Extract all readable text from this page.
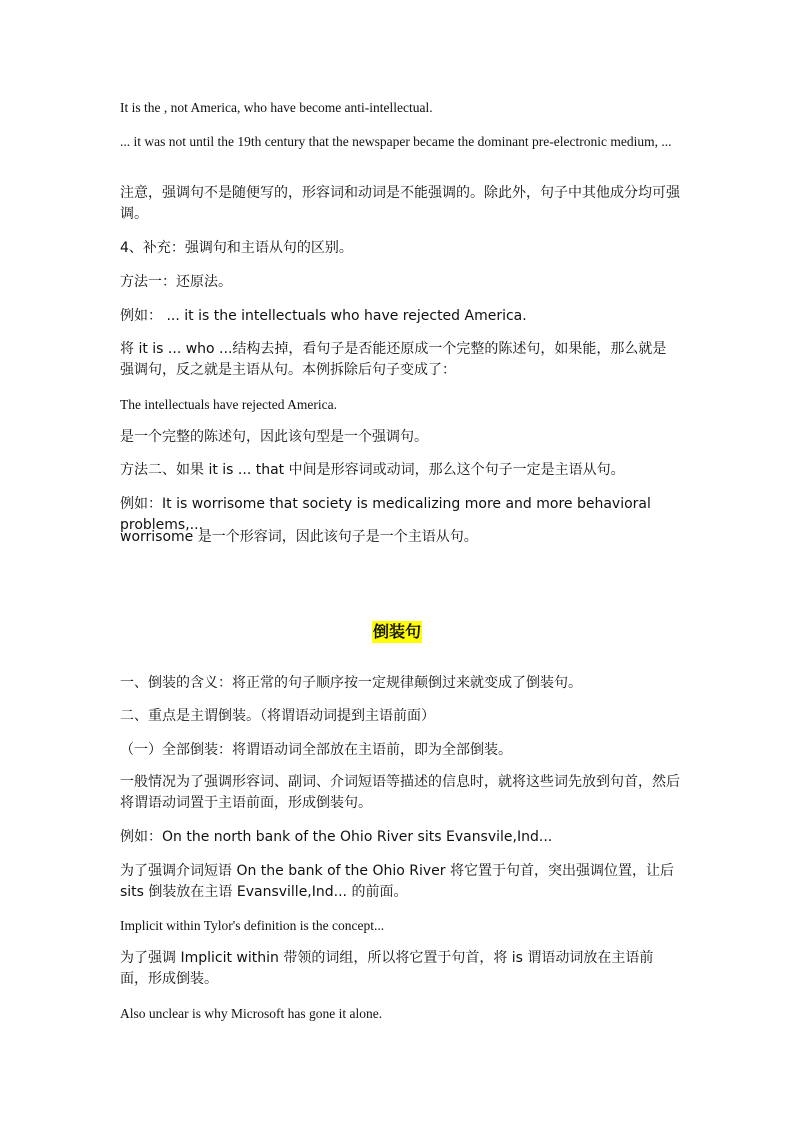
It is the , not America, who have become anti-intellectual.
... it was not until the 19th century that the newspaper became the dominant pre-electronic medium, ...
注意，强调句不是随便写的，形容词和动词是不能强调的。除此外，句子中其他成分均可强调。
4、补充：强调句和主语从句的区别。
方法一：还原法。
例如： ... it is the intellectuals who have rejected America.
将 it is ... who ...结构去掉，看句子是否能还原成一个完整的陈述句，如果能，那么就是强调句，反之就是主语从句。本例拆除后句子变成了：
The intellectuals have rejected America.
是一个完整的陈述句，因此该句型是一个强调句。
方法二、如果 it is ... that 中间是形容词或动词，那么这个句子一定是主语从句。
例如：It is worrisome that society is medicalizing more and more behavioral problems,...
worrisome 是一个形容词，因此该句子是一个主语从句。
倒装句
一、倒装的含义：将正常的句子顺序按一定规律颠倒过来就变成了倒装句。
二、重点是主谓倒装。（将谓语动词提到主语前面）
（一）全部倒装：将谓语动词全部放在主语前，即为全部倒装。
一般情况为了强调形容词、副词、介词短语等描述的信息时，就将这些词先放到句首，然后将谓语动词置于主语前面，形成倒装句。
例如：On the north bank of the Ohio River sits Evansvile,Ind...
为了强调介词短语 On the bank of the Ohio River 将它置于句首，突出强调位置，让后 sits 倒装放在主语 Evansville,Ind... 的前面。
Implicit within Tylor's definition is the concept...
为了强调 Implicit within 带领的词组，所以将它置于句首，将 is 谓语动词放在主语前面，形成倒装。
Also unclear is why Microsoft has gone it alone.
